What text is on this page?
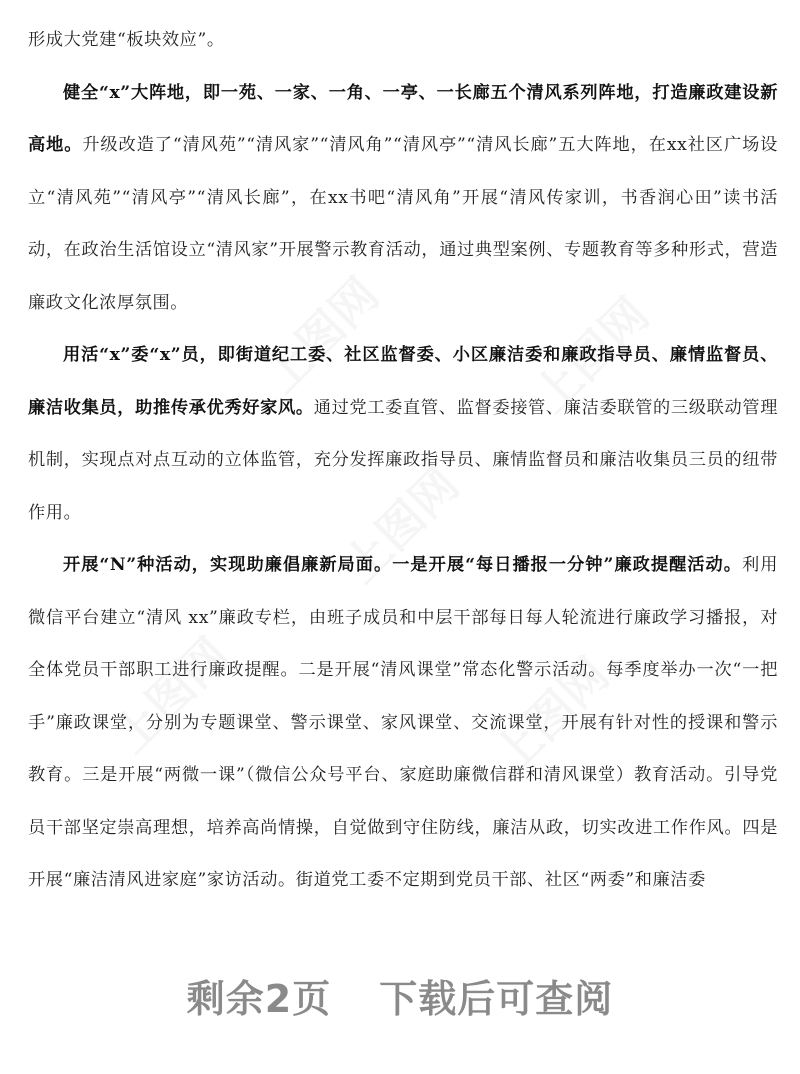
形成大党建“板块效应”。

健全“x”大阵地，即一苑、一家、一角、一亭、一长廊五个清风系列阵地，打造廉政建设新高地。升级改造了“清风苑”“清风家”“清风角”“清风亭”“清风长廊”五大阵地，在xx社区广场设立“清风苑”“清风亭”“清风长廊”，在xx书吧“清风角”开展“清风传家训，书香润心田”读书活动，在政治生活馆设立“清风家”开展警示教育活动，通过典型案例、专题教育等多种形式，营造廉政文化浓厚氛围。

用活“x”委“x”员，即街道纪工委、社区监督委、小区廉洁委和廉政指导员、廉情监督员、廉洁收集员，助推传承优秀好家风。通过党工委直管、监督委接管、廉洁委联管的三级联动管理机制，实现点对点互动的立体监管，充分发挥廉政指导员、廉情监督员和廉洁收集员三员的纽带作用。

开展“N”种活动，实现助廉倡廉新局面。一是开展“每日播报一分钟”廉政提醒活动。利用微信平台建立“清风 xx”廉政专栏，由班子成员和中层干部每日每人轮流进行廉政学习播报，对全体党员干部职工进行廉政提醒。二是开展“清风课堂”常态化警示活动。每季度举办一次“一把手”廉政课堂，分别为专题课堂、警示课堂、家风课堂、交流课堂，开展有针对性的授课和警示教育。三是开展“两微一课”（微信公众号平台、家庭助廉微信群和清风课堂）教育活动。引导党员干部坚定崇高理想，培养高尚情操，自觉做到守住防线，廉洁从政，切实改进工作作风。四是开展“廉洁清风进家庭”家访活动。街道党工委不定期到党员干部、社区“两委”和廉洁委

剩余2页 下载后可查阅
